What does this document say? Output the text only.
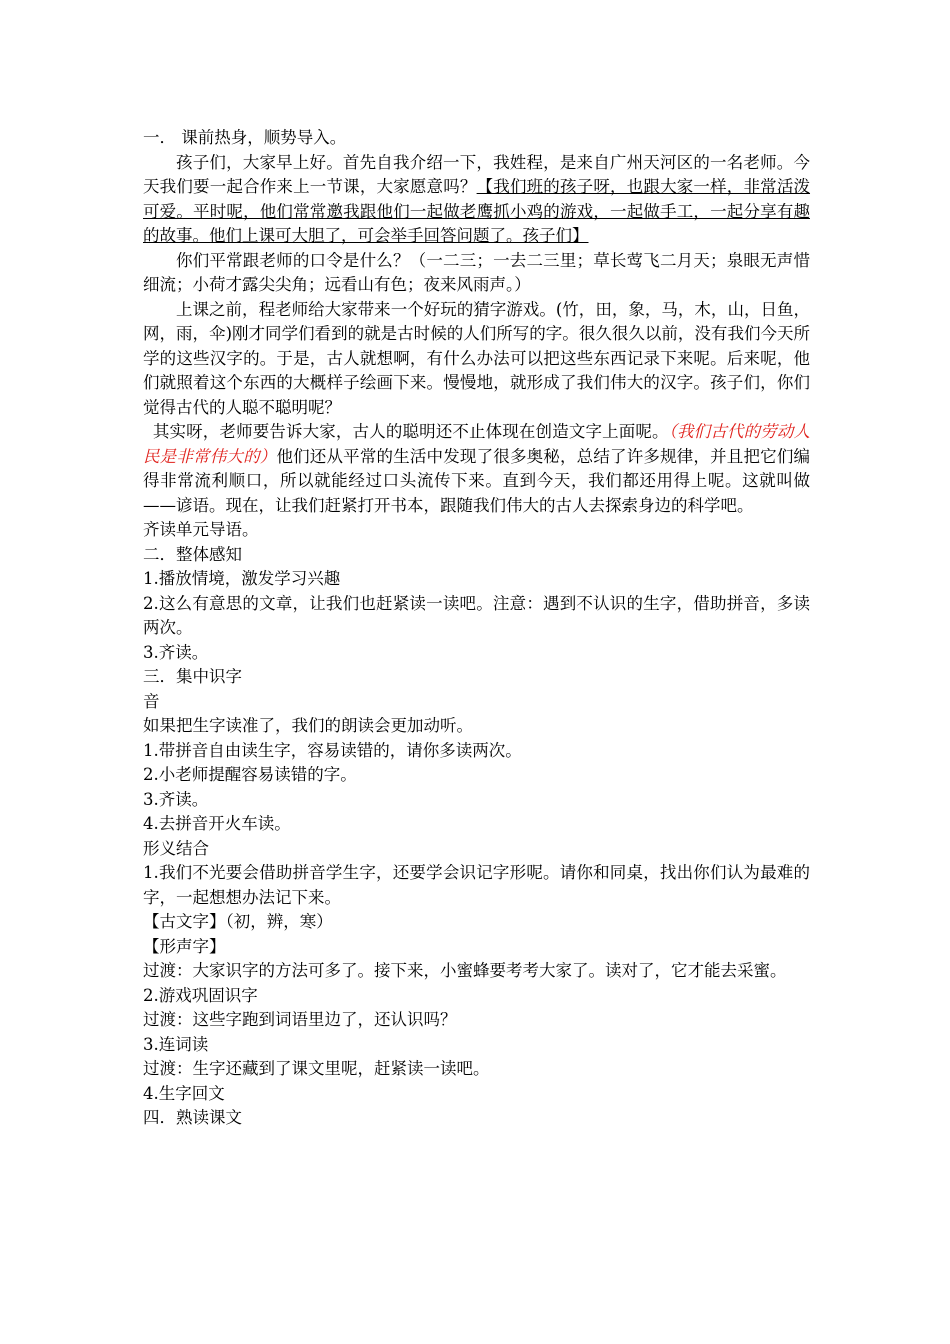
一． 课前热身，顺势导入。

孩子们，大家早上好。首先自我介绍一下，我姓程，是来自广州天河区的一名老师。今天我们要一起合作来上一节课，大家愿意吗？【我们班的孩子呀，也跟大家一样，非常活泼可爱。平时呢，他们常常邀我跟他们一起做老鹰抓小鸡的游戏，一起做手工，一起分享有趣的故事。他们上课可大胆了，可会举手回答问题了。孩子们】

你们平常跟老师的口令是什么？（一二三；一去二三里；草长莺飞二月天；泉眼无声惜细流；小荷才露尖尖角；远看山有色；夜来风雨声。）

上课之前，程老师给大家带来一个好玩的猜字游戏。(竹，田，象，马，木，山，日鱼，网，雨，伞)刚才同学们看到的就是古时候的人们所写的字。很久很久以前，没有我们今天所学的这些汉字的。于是，古人就想啊，有什么办法可以把这些东西记录下来呢。后来呢，他们就照着这个东西的大概样子绘画下来。慢慢地，就形成了我们伟大的汉字。孩子们，你们觉得古代的人聪不聪明呢？

其实呀，老师要告诉大家，古人的聪明还不止体现在创造文字上面呢。（我们古代的劳动人民是非常伟大的）他们还从平常的生活中发现了很多奥秘，总结了许多规律，并且把它们编得非常流利顺口，所以就能经过口头流传下来。直到今天，我们都还用得上呢。这就叫做——谚语。现在，让我们赶紧打开书本，跟随我们伟大的古人去探索身边的科学吧。

齐读单元导语。

二．整体感知

1.播放情境，激发学习兴趣

2.这么有意思的文章，让我们也赶紧读一读吧。注意：遇到不认识的生字，借助拼音，多读两次。

3.齐读。

三．集中识字

音

如果把生字读准了，我们的朗读会更加动听。

1.带拼音自由读生字，容易读错的，请你多读两次。

2.小老师提醒容易读错的字。

3.齐读。

4.去拼音开火车读。

形义结合

1.我们不光要会借助拼音学生字，还要学会识记字形呢。请你和同桌，找出你们认为最难的字，一起想想办法记下来。

【古文字】（初，辨，寒）

【形声字】

过渡：大家识字的方法可多了。接下来，小蜜蜂要考考大家了。读对了，它才能去采蜜。

2.游戏巩固识字

过渡：这些字跑到词语里边了，还认识吗？

3.连词读

过渡：生字还藏到了课文里呢，赶紧读一读吧。

4.生字回文

四．熟读课文
